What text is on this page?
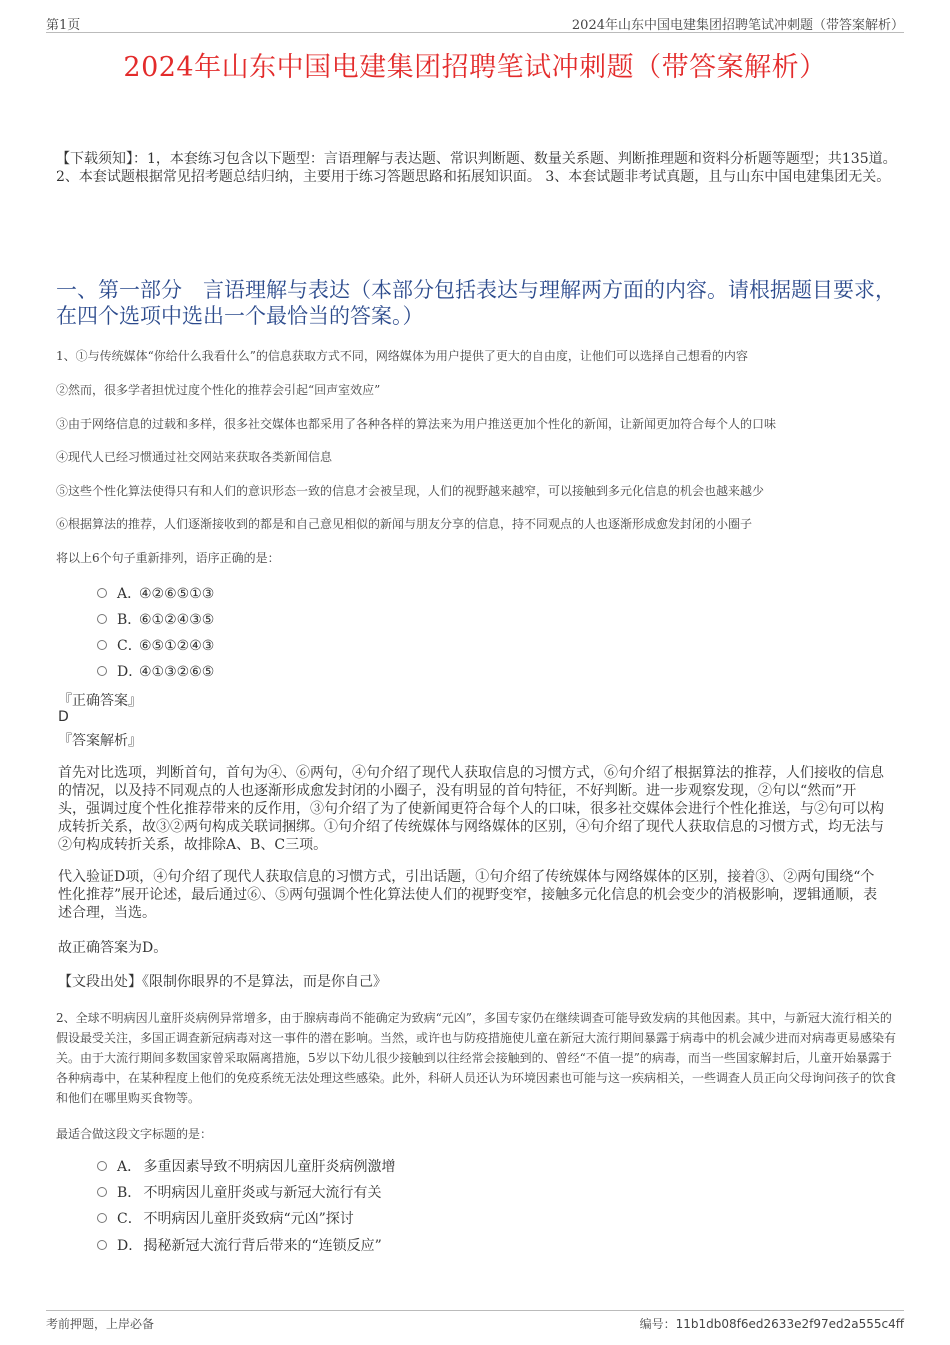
第1页	2024年山东中国电建集团招聘笔试冲刺题（带答案解析）
2024年山东中国电建集团招聘笔试冲刺题（带答案解析）
【下载须知】：1，本套练习包含以下题型：言语理解与表达题、常识判断题、数量关系题、判断推理题和资料分析题等题型；共135道。 2、本套试题根据常见招考题总结归纳，主要用于练习答题思路和拓展知识面。 3、本套试题非考试真题，且与山东中国电建集团无关。
一、第一部分　言语理解与表达（本部分包括表达与理解两方面的内容。请根据题目要求，在四个选项中选出一个最恰当的答案。）
1、①与传统媒体“你给什么我看什么”的信息获取方式不同，网络媒体为用户提供了更大的自由度，让他们可以选择自己想看的内容
②然而，很多学者担忧过度个性化的推荐会引起“回声室效应”
③由于网络信息的过载和多样，很多社交媒体也都采用了各种各样的算法来为用户推送更加个性化的新闻，让新闻更加符合每个人的口味
④现代人已经习惯通过社交网站来获取各类新闻信息
⑤这些个性化算法使得只有和人们的意识形态一致的信息才会被呈现，人们的视野越来越窄，可以接触到多元化信息的机会也越来越少
⑥根据算法的推荐，人们逐渐接收到的都是和自己意见相似的新闻与朋友分享的信息，持不同观点的人也逐渐形成愈发封闭的小圈子
将以上6个句子重新排列，语序正确的是：
A．④②⑥⑤①③
B．⑥①②④③⑤
C．⑥⑤①②④③
D．④①③②⑥⑤
『正确答案』
D
『答案解析』
首先对比选项，判断首句，首句为④、⑥两句，④句介绍了现代人获取信息的习惯方式，⑥句介绍了根据算法的推荐，人们接收的信息的情况，以及持不同观点的人也逐渐形成愈发封闭的小圈子，没有明显的首句特征，不好判断。进一步观察发现，②句以“然而”开头，强调过度个性化推荐带来的反作用，③句介绍了为了使新闻更符合每个人的口味，很多社交媒体会进行个性化推送，与②句可以构成转折关系，故③②两句构成关联词捆绑。①句介绍了传统媒体与网络媒体的区别，④句介绍了现代人获取信息的习惯方式，均无法与②句构成转折关系，故排除A、B、C三项。
代入验证D项，④句介绍了现代人获取信息的习惯方式，引出话题，①句介绍了传统媒体与网络媒体的区别，接着③、②两句围绕“个性化推荐”展开论述，最后通过⑥、⑤两句强调个性化算法使人们的视野变窄，接触多元化信息的机会变少的消极影响，逻辑通顺，表述合理，当选。
故正确答案为D。
【文段出处】《限制你眼界的不是算法，而是你自己》
2、全球不明病因儿童肝炎病例异常增多，由于腺病毒尚不能确定为致病“元凶”，多国专家仍在继续调查可能导致发病的其他因素。其中，与新冠大流行相关的假设最受关注，多国正调查新冠病毒对这一事件的潜在影响。当然，或许也与防疫措施使儿童在新冠大流行期间暴露于病毒中的机会减少进而对病毒更易感染有关。由于大流行期间多数国家曾采取隔离措施，5岁以下幼儿很少接触到以往经常会接触到的、曾经“不值一提”的病毒，而当一些国家解封后，儿童开始暴露于各种病毒中，在某种程度上他们的免疫系统无法处理这些感染。此外，科研人员还认为环境因素也可能与这一疾病相关，一些调查人员正向父母询问孩子的饮食和他们在哪里购买食物等。
最适合做这段文字标题的是：
A． 多重因素导致不明病因儿童肝炎病例激增
B． 不明病因儿童肝炎或与新冠大流行有关
C． 不明病因儿童肝炎致病“元凶”探讨
D． 揭秘新冠大流行背后带来的“连锁反应”
考前押题，上岸必备	编号：11b1db08f6ed2633e2f97ed2a555c4ff
